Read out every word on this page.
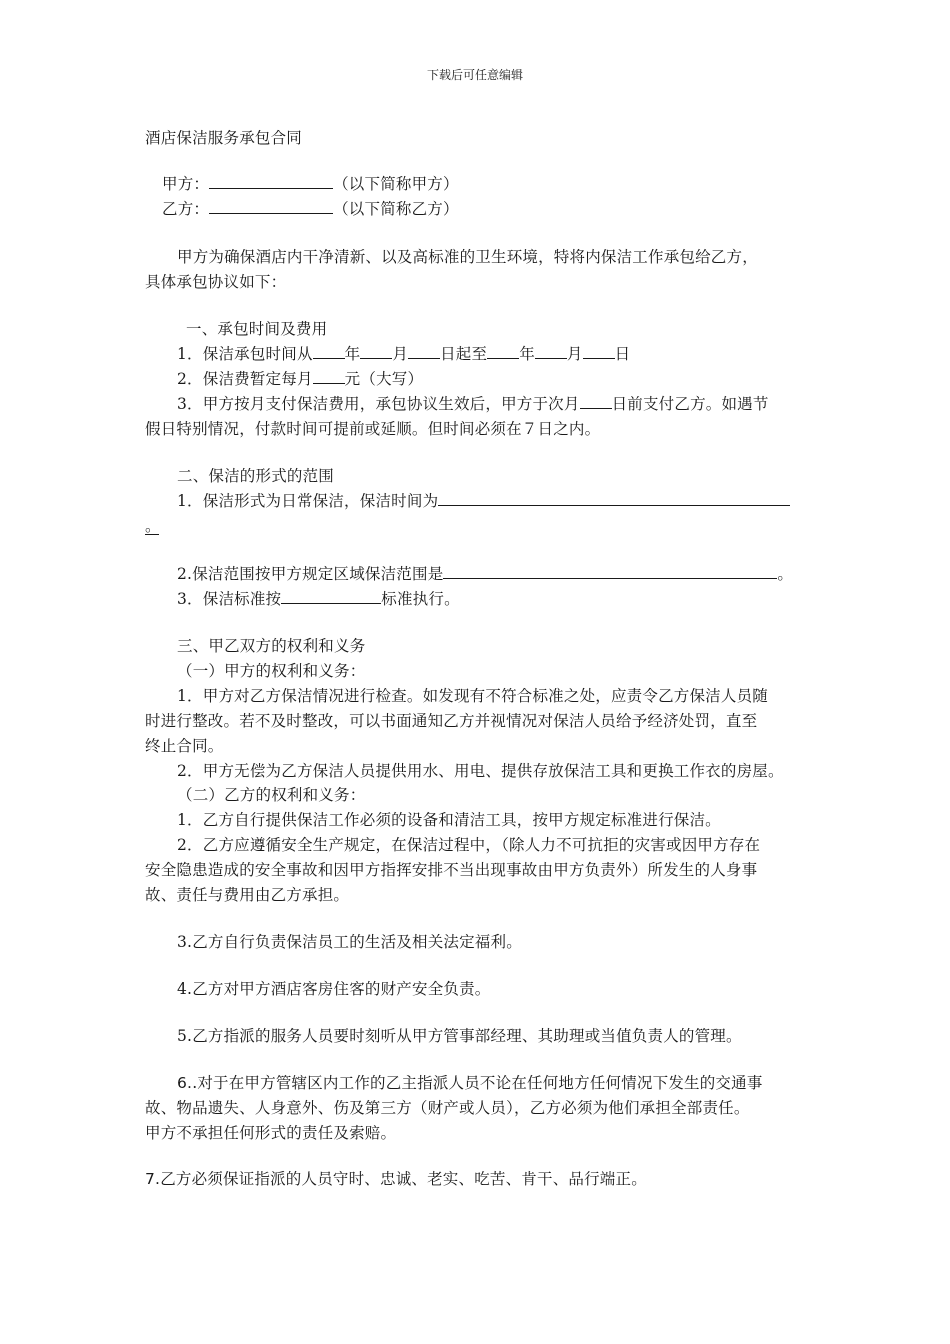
下载后可任意编辑
酒店保洁服务承包合同
甲方：	（以下简称甲方）
乙方：	（以下简称乙方）
甲方为确保酒店内干净清新、以及高标准的卫生环境，特将内保洁工作承包给乙方，
具体承包协议如下：
一、承包时间及费用
1．保洁承包时间从 年 月 日起至 年 月 日
2．保洁费暂定每月 元（大写）
3．甲方按月支付保洁费用，承包协议生效后，甲方于次月 日前支付乙方。如遇节
假日特别情况，付款时间可提前或延顺。但时间必须在７日之内。
二、保洁的形式的范围
1．保洁形式为日常保洁，保洁时间为
。
2.保洁范围按甲方规定区域保洁范围是	。
3．保洁标准按	标准执行。
三、甲乙双方的权利和义务
（一）甲方的权利和义务：
1．甲方对乙方保洁情况进行检查。如发现有不符合标准之处，应责令乙方保洁人员随
时进行整改。若不及时整改，可以书面通知乙方并视情况对保洁人员给予经济处罚，直至
终止合同。
2．甲方无偿为乙方保洁人员提供用水、用电、提供存放保洁工具和更换工作衣的房屋。
（二）乙方的权利和义务：
1．乙方自行提供保洁工作必须的设备和清洁工具，按甲方规定标准进行保洁。
2．乙方应遵循安全生产规定，在保洁过程中，（除人力不可抗拒的灾害或因甲方存在
安全隐患造成的安全事故和因甲方指挥安排不当出现事故由甲方负责外）所发生的人身事
故、责任与费用由乙方承担。
3.乙方自行负责保洁员工的生活及相关法定福利。
4.乙方对甲方酒店客房住客的财产安全负责。
5.乙方指派的服务人员要时刻听从甲方管事部经理、其助理或当值负责人的管理。
6..对于在甲方管辖区内工作的乙主指派人员不论在任何地方任何情况下发生的交通事
故、物品遗失、人身意外、伤及第三方（财产或人员），乙方必须为他们承担全部责任。
甲方不承担任何形式的责任及索赔。
7.乙方必须保证指派的人员守时、忠诚、老实、吃苦、肯干、品行端正。
